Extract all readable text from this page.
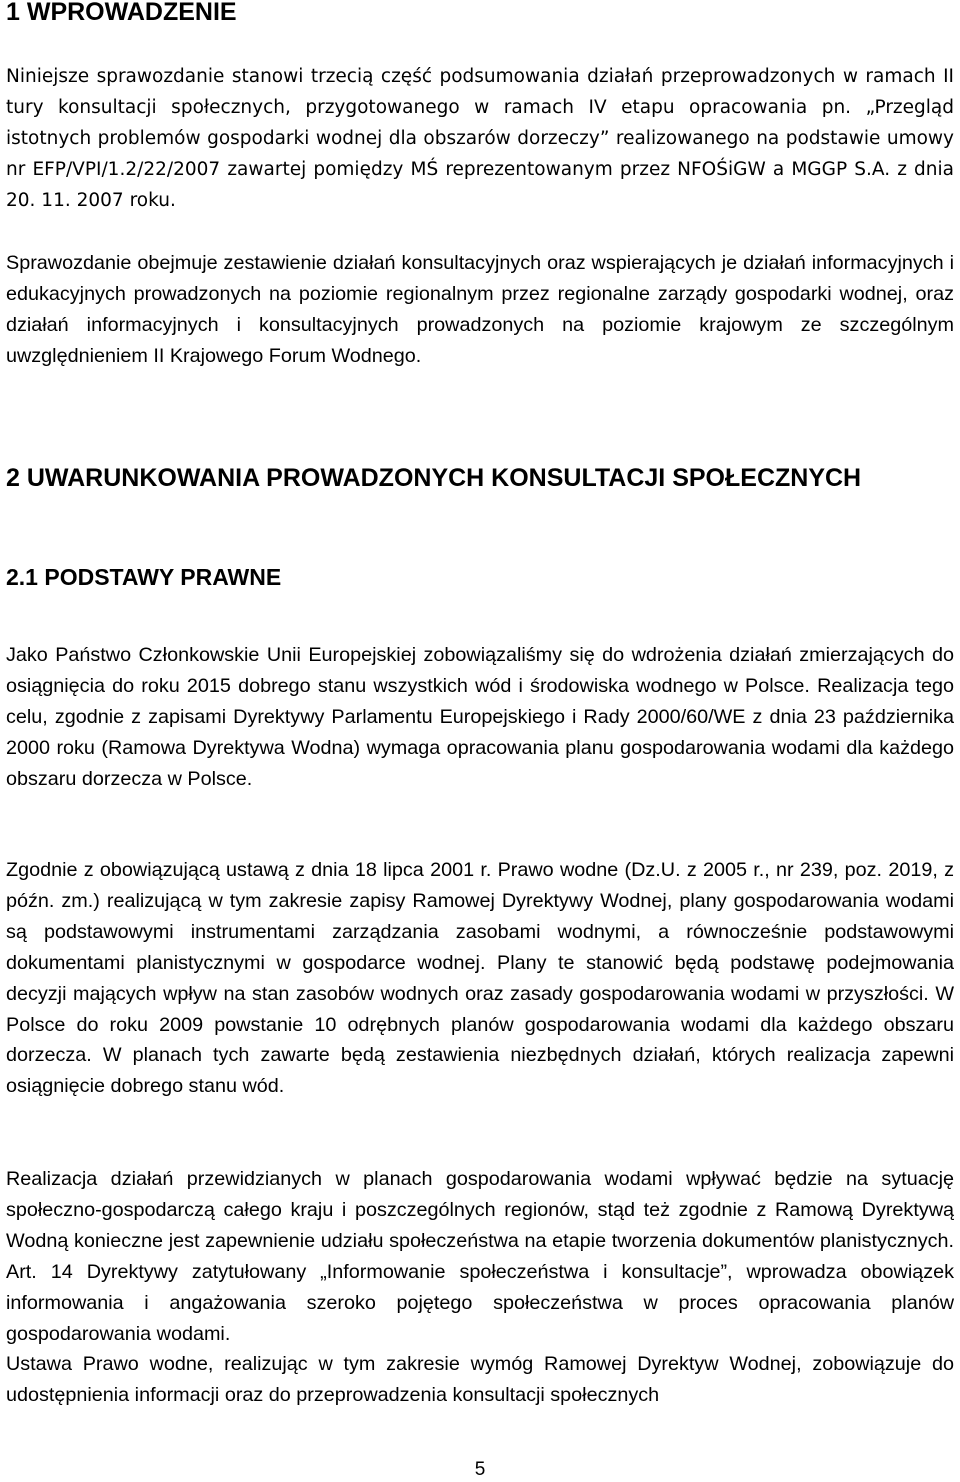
1 WPROWADZENIE

Niniejsze sprawozdanie stanowi trzecią część podsumowania działań przeprowadzonych w ramach II tury konsultacji społecznych, przygotowanego w ramach IV etapu opracowania pn. „Przegląd istotnych problemów gospodarki wodnej dla obszarów dorzeczy” realizowanego na podstawie umowy nr EFP/VPI/1.2/22/2007 zawartej pomiędzy MŚ reprezentowanym przez NFOŚiGW a MGGP S.A. z dnia 20. 11. 2007 roku.

Sprawozdanie obejmuje zestawienie działań konsultacyjnych oraz wspierających je działań informacyjnych i edukacyjnych prowadzonych na poziomie regionalnym przez regionalne zarządy gospodarki wodnej, oraz działań informacyjnych i konsultacyjnych prowadzonych na poziomie krajowym ze szczególnym uwzględnieniem II Krajowego Forum Wodnego.

2 UWARUNKOWANIA PROWADZONYCH KONSULTACJI SPOŁECZNYCH
2.1 PODSTAWY PRAWNE

Jako Państwo Członkowskie Unii Europejskiej zobowiązaliśmy się do wdrożenia działań zmierzających do osiągnięcia do roku 2015 dobrego stanu wszystkich wód i środowiska wodnego w Polsce. Realizacja tego celu, zgodnie z zapisami Dyrektywy Parlamentu Europejskiego i Rady 2000/60/WE z dnia 23 października 2000 roku (Ramowa Dyrektywa Wodna) wymaga opracowania planu gospodarowania wodami dla każdego obszaru dorzecza w Polsce.

Zgodnie z obowiązującą ustawą z dnia 18 lipca 2001 r. Prawo wodne (Dz.U. z 2005 r., nr 239, poz. 2019, z późn. zm.) realizującą w tym zakresie zapisy Ramowej Dyrektywy Wodnej, plany gospodarowania wodami są podstawowymi instrumentami zarządzania zasobami wodnymi, a równocześnie podstawowymi dokumentami planistycznymi w gospodarce wodnej. Plany te stanowić będą podstawę podejmowania decyzji mających wpływ na stan zasobów wodnych oraz zasady gospodarowania wodami w przyszłości. W Polsce do roku 2009 powstanie 10 odrębnych planów gospodarowania wodami dla każdego obszaru dorzecza. W planach tych zawarte będą zestawienia niezbędnych działań, których realizacja zapewni osiągnięcie dobrego stanu wód.

Realizacja działań przewidzianych w planach gospodarowania wodami wpływać będzie na sytuację społeczno-gospodarczą całego kraju i poszczególnych regionów, stąd też zgodnie z Ramową Dyrektywą Wodną konieczne jest zapewnienie udziału społeczeństwa na etapie tworzenia dokumentów planistycznych. Art. 14 Dyrektywy zatytułowany „Informowanie społeczeństwa i konsultacje”, wprowadza obowiązek informowania i angażowania szeroko pojętego społeczeństwa w proces opracowania planów gospodarowania wodami.
Ustawa Prawo wodne, realizując w tym zakresie wymóg Ramowej Dyrektyw Wodnej, zobowiązuje do udostępnienia informacji oraz do przeprowadzenia konsultacji społecznych
5
